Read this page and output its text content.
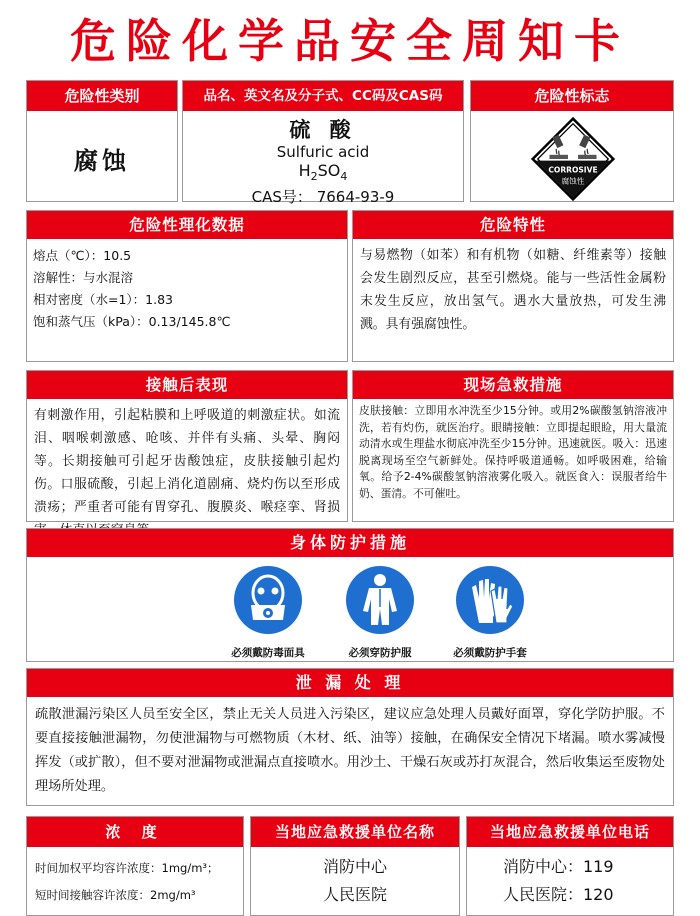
危险化学品安全周知卡
危险性类别
腐蚀
品名、英文名及分子式、CC码及CAS码
硫 酸
Sulfuric acid
$H_2SO_4$
CAS号： 7664-93-9
危险性标志
CORROSIVE
腐蚀性
危险性理化数据
熔点（℃）：10.5
溶解性：与水混溶
相对密度（水=1）：1.83
饱和蒸气压（kPa）：0.13/145.8℃
危险特性

与易燃物（如苯）和有机物（如糖、纤维素等）接触会发生剧烈反应，甚至引燃烧。能与一些活性金属粉末发生反应，放出氢气。遇水大量放热，可发生沸溅。具有强腐蚀性。

接触后表现

有刺激作用，引起粘膜和上呼吸道的刺激症状。如流泪、咽喉刺激感、呛咳、并伴有头痛、头晕、胸闷等。长期接触可引起牙齿酸蚀症，皮肤接触引起灼伤。口服硫酸，引起上消化道剧痛、烧灼伤以至形成溃疡；严重者可能有胃穿孔、腹膜炎、喉痉挛、肾损

现场急救措施

皮肤接触：立即用水冲洗至少15分钟。或用2%碳酸氢钠溶液冲洗，若有灼伤，就医治疗。眼睛接触：立即提起眼睑，用大量流动清水或生理盐水彻底冲洗至少15分钟。迅速就医。吸入：迅速脱离现场至空气新鲜处。保持呼吸道通畅。如呼吸困难，给输氧。给予2-4%碳酸氢钠溶液雾化吸入。就医食入：误服者给牛奶、蛋清。不可催吐。

身体防护措施
必须戴防毒面具	必须穿防护服	必须戴防护手套
泄 漏 处 理

疏散泄漏污染区人员至安全区，禁止无关人员进入污染区，建议应急处理人员戴好面罩，穿化学防护服。不要直接接触泄漏物，勿使泄漏物与可燃物质（木材、纸、油等）接触，在确保安全情况下堵漏。喷水雾减慢挥发（或扩散），但不要对泄漏物或泄漏点直接喷水。用沙土、干燥石灰或苏打灰混合，然后收集运至废物处理场所处理。

浓 度
时间加权平均容许浓度：1mg/m³；
短时间接触容许浓度：2mg/m³
当地应急救援单位名称
消防中心
人民医院
当地应急救援单位电话
消防中心：119
人民医院：120
